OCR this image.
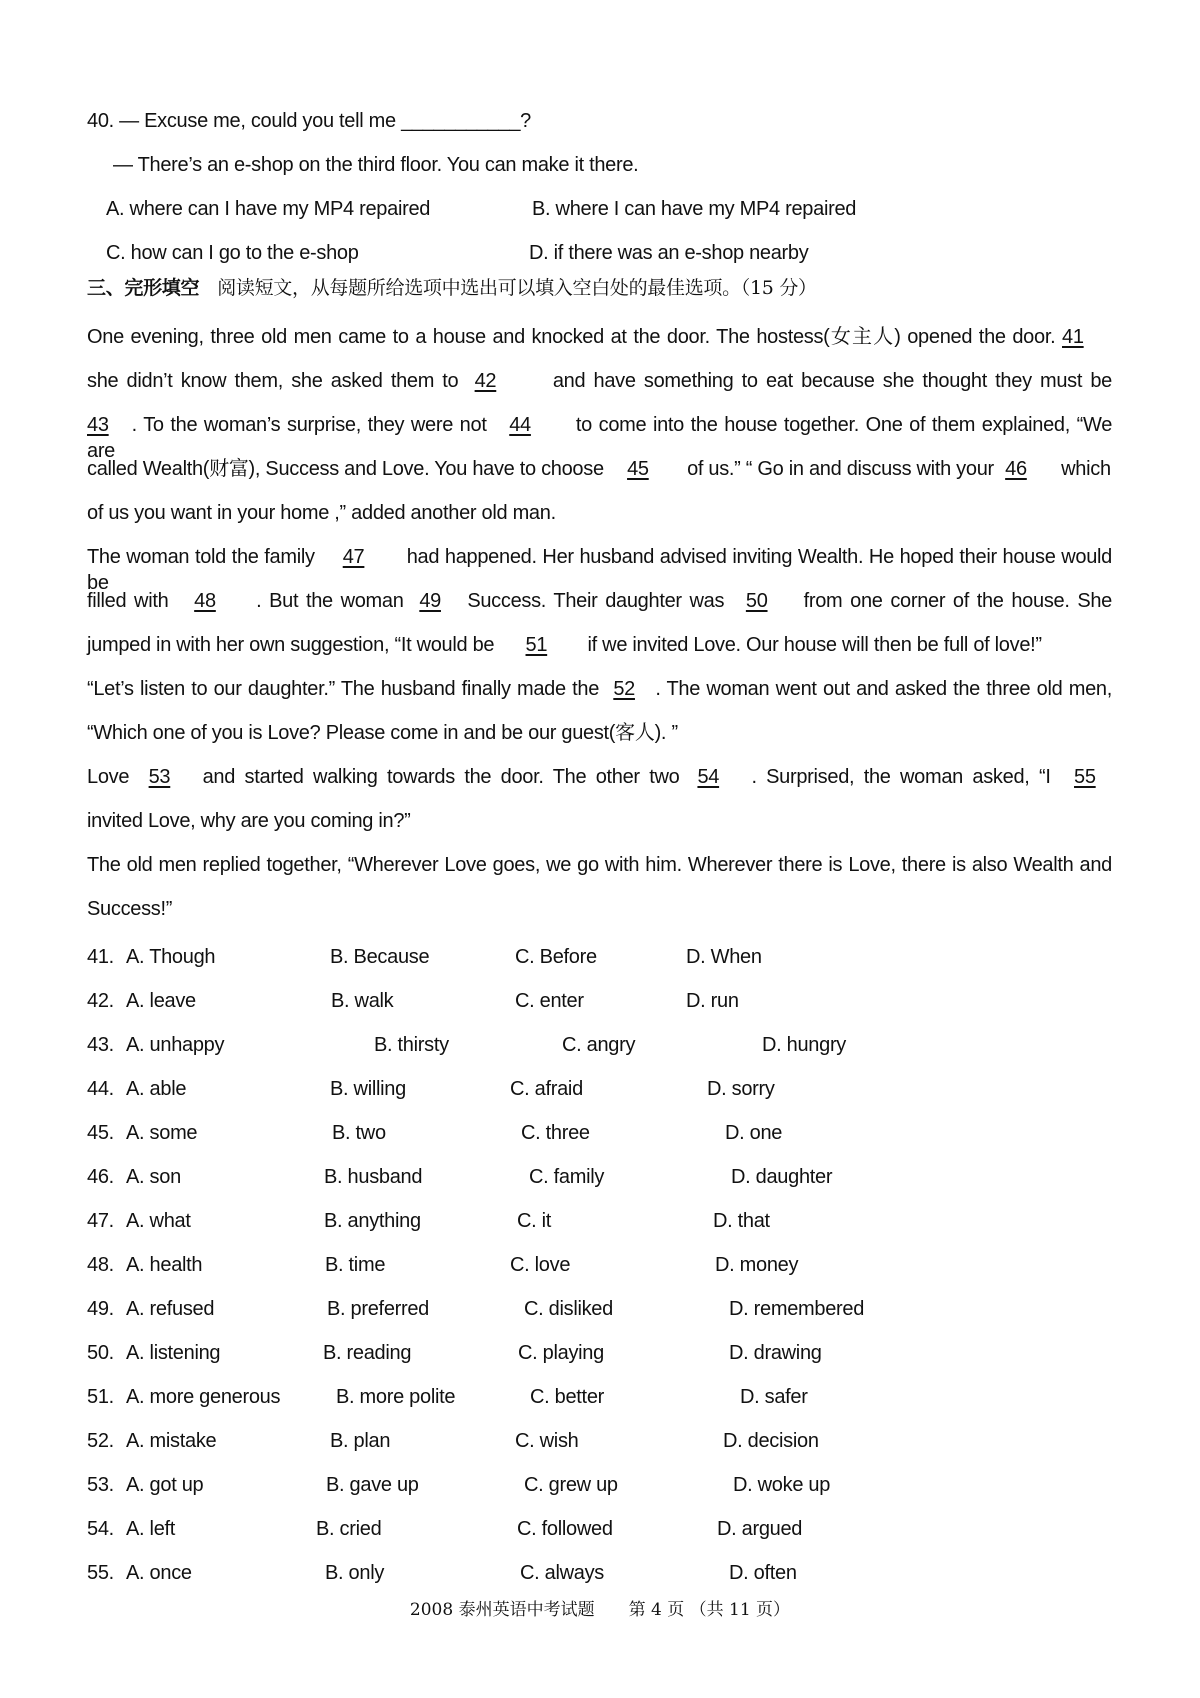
40. — Excuse me, could you tell me ___________?
— There’s an e-shop on the third floor. You can make it there.
A. where can I have my MP4 repaired	B. where I can have my MP4 repaired
C. how can I go to the e-shop	D. if there was an e-shop nearby
三、完形填空 阅读短文，从每题所给选项中选出可以填入空白处的最佳选项。（15 分）
One evening, three old men came to a house and knocked at the door. The hostess(女主人) opened the door. 41
she didn’t know them, she asked them to 42	and have something to eat because she thought they must be
43 . To the woman’s surprise, they were not 44 to come into the house together. One of them explained, “We are
called Wealth(财富), Success and Love. You have to choose 45 of us.” “ Go in and discuss with your 46 which
of us you want in your home ,” added another old man.
The woman told the family 47 had happened. Her husband advised inviting Wealth. He hoped their house would be
filled with 48 . But the woman 49 Success. Their daughter was 50 from one corner of the house. She
jumped in with her own suggestion, “It would be 51 if we invited Love. Our house will then be full of love!”
“Let’s listen to our daughter.” The husband finally made the 52 . The woman went out and asked the three old men,
“Which one of you is Love? Please come in and be our guest(客人). ”
Love 53 and started walking towards the door. The other two 54 . Surprised, the woman asked, “I 55
invited Love, why are you coming in?”
The old men replied together, “Wherever Love goes, we go with him. Wherever there is Love, there is also Wealth and
Success!”
41. A. Though	B. Because	C. Before	D. When
42. A. leave	B. walk	C. enter	D. run
43. A. unhappy	B. thirsty	C. angry	D. hungry
44. A. able	B. willing	C. afraid	D. sorry
45. A. some	B. two	C. three	D. one
46. A. son	B. husband	C. family	D. daughter
47. A. what	B. anything	C. it	D. that
48. A. health	B. time	C. love	D. money
49. A. refused	B. preferred	C. disliked	D. remembered
50. A. listening	B. reading	C. playing	D. drawing
51. A. more generous	B. more polite	C. better	D. safer
52. A. mistake	B. plan	C. wish	D. decision
53. A. got up	B. gave up	C. grew up	D. woke up
54. A. left	B. cried	C. followed	D. argued
55. A. once	B. only	C. always	D. often
2008 泰州英语中考试题　　第 4 页 （共 11 页）
